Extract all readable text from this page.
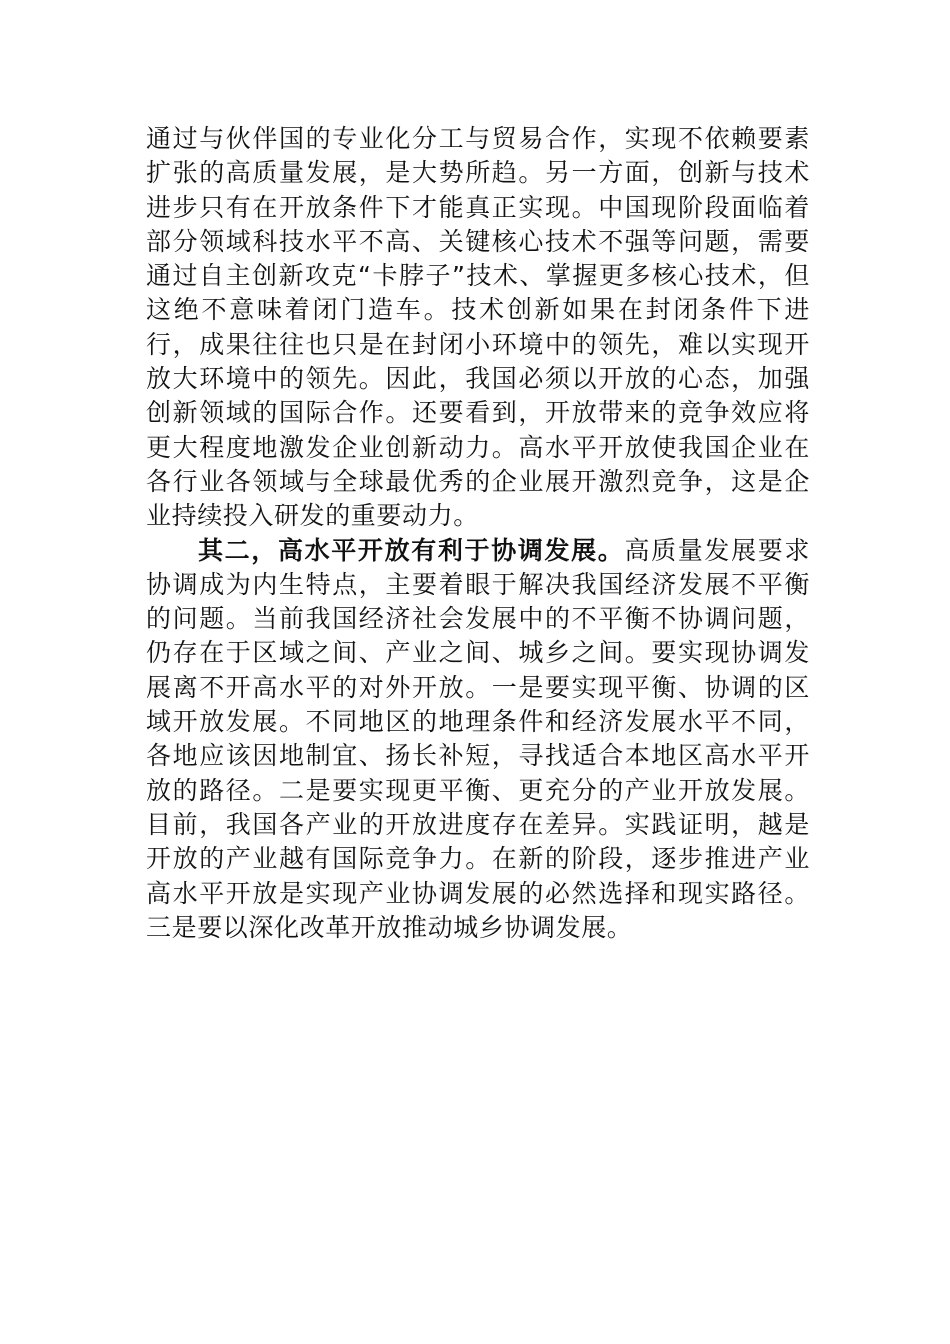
通过与伙伴国的专业化分工与贸易合作，实现不依赖要素扩张的高质量发展，是大势所趋。另一方面，创新与技术进步只有在开放条件下才能真正实现。中国现阶段面临着部分领域科技水平不高、关键核心技术不强等问题，需要通过自主创新攻克“卡脖子”技术、掌握更多核心技术，但这绝不意味着闭门造车。技术创新如果在封闭条件下进行，成果往往也只是在封闭小环境中的领先，难以实现开放大环境中的领先。因此，我国必须以开放的心态，加强创新领域的国际合作。还要看到，开放带来的竞争效应将更大程度地激发企业创新动力。高水平开放使我国企业在各行业各领域与全球最优秀的企业展开激烈竞争，这是企业持续投入研发的重要动力。

其二，高水平开放有利于协调发展。高质量发展要求协调成为内生特点，主要着眼于解决我国经济发展不平衡的问题。当前我国经济社会发展中的不平衡不协调问题，仍存在于区域之间、产业之间、城乡之间。要实现协调发展离不开高水平的对外开放。一是要实现平衡、协调的区域开放发展。不同地区的地理条件和经济发展水平不同，各地应该因地制宜、扬长补短，寻找适合本地区高水平开放的路径。二是要实现更平衡、更充分的产业开放发展。目前，我国各产业的开放进度存在差异。实践证明，越是开放的产业越有国际竞争力。在新的阶段，逐步推进产业高水平开放是实现产业协调发展的必然选择和现实路径。三是要以深化改革开放推动城乡协调发展。
